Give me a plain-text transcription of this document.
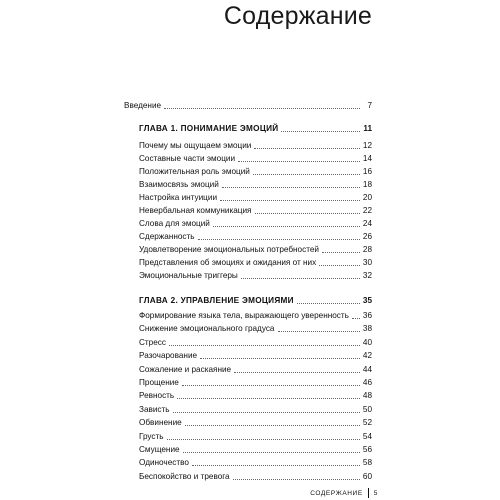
Содержание
Введение	7
ГЛАВА 1. ПОНИМАНИЕ ЭМОЦИЙ	11
Почему мы ощущаем эмоции	12
Составные части эмоции	14
Положительная роль эмоций	16
Взаимосвязь эмоций	18
Настройка интуиции	20
Невербальная коммуникация	22
Слова для эмоций	24
Сдержанность	26
Удовлетворение эмоциональных потребностей	28
Представления об эмоциях и ожидания от них	30
Эмоциональные триггеры	32
ГЛАВА 2. УПРАВЛЕНИЕ ЭМОЦИЯМИ	35
Формирование языка тела, выражающего уверенность 36
Снижение эмоционального градуса	38
Стресс	40
Разочарование	42
Сожаление и раскаяние	44
Прощение	46
Ревность	48
Зависть	50
Обвинение	52
Грусть	54
Смущение	56
Одиночество	58
Беспокойство и тревога	60
СОДЕРЖАНИЕ 5
